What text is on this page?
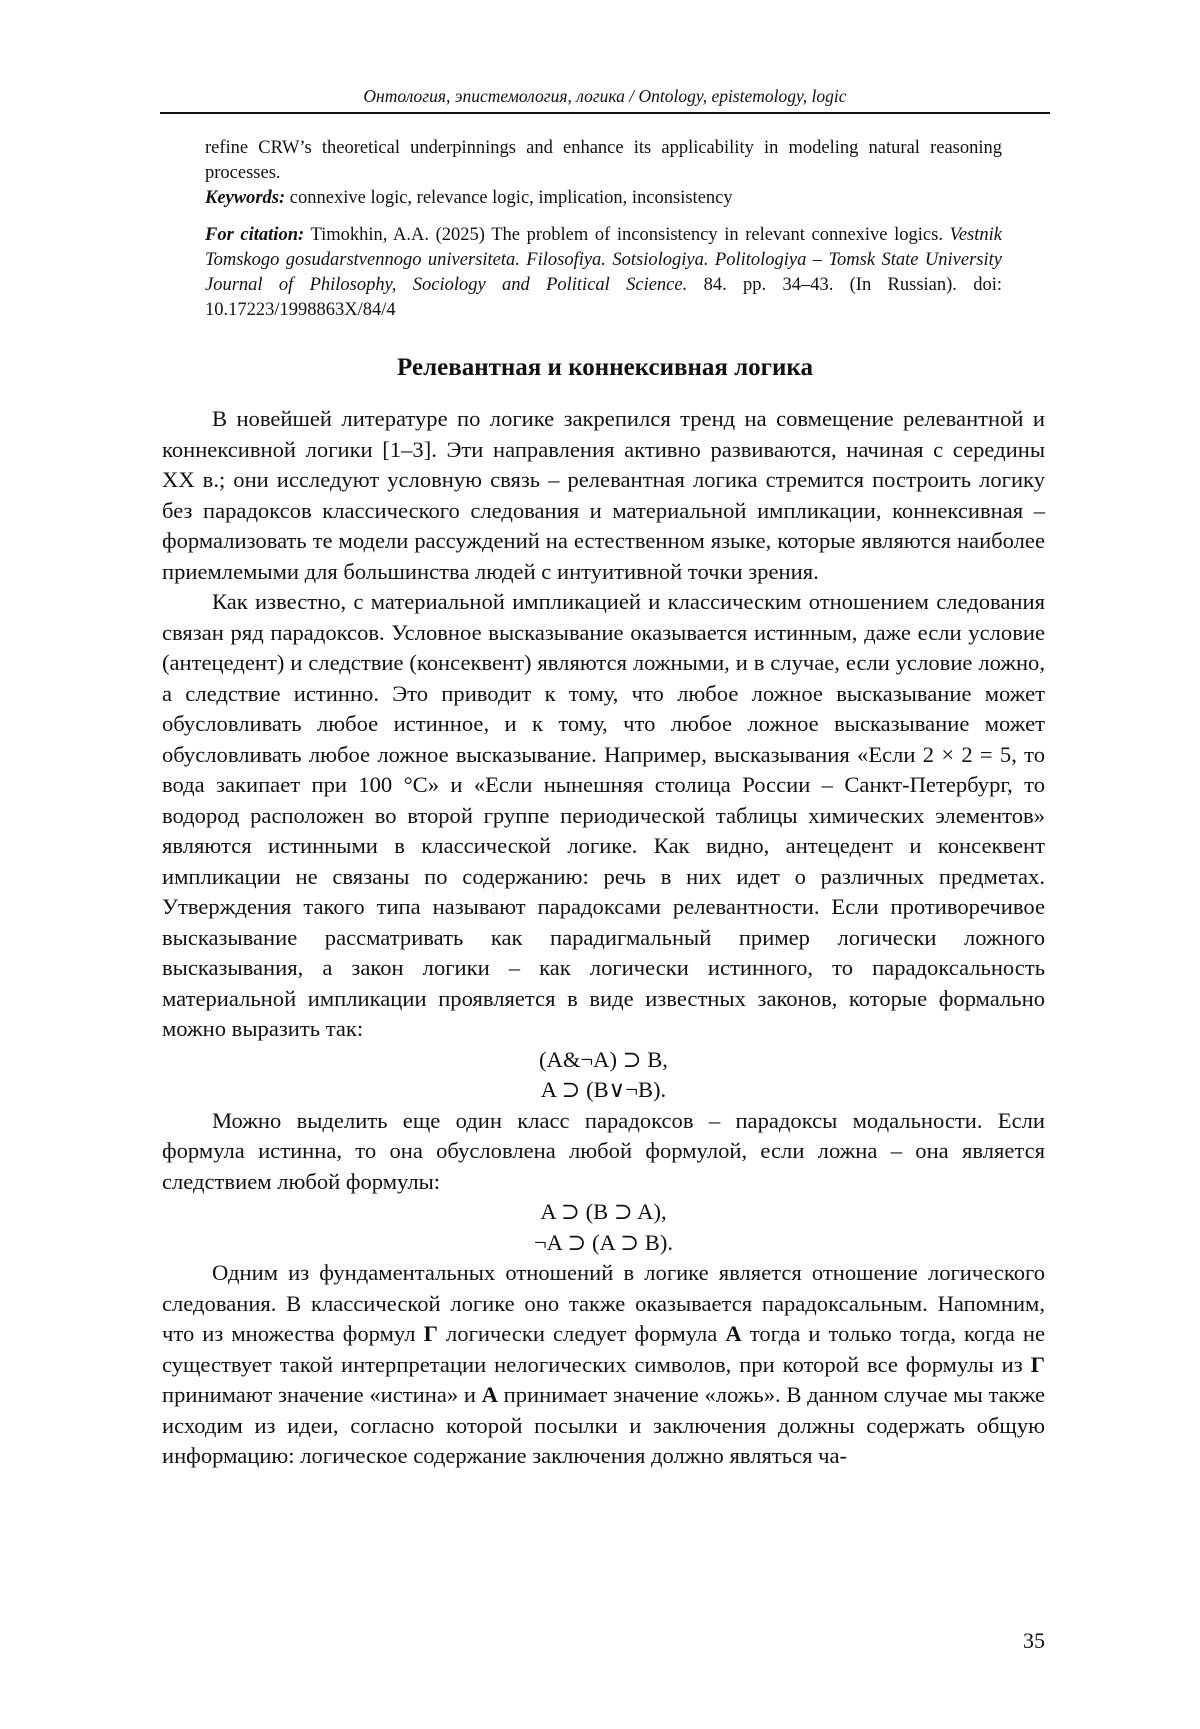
Онтология, эпистемология, логика / Ontology, epistemology, logic

refine CRW’s theoretical underpinnings and enhance its applicability in modeling natural reasoning processes.

Keywords: connexive logic, relevance logic, implication, inconsistency

For citation: Timokhin, A.A. (2025) The problem of inconsistency in relevant connexive logics. Vestnik Tomskogo gosudarstvennogo universiteta. Filosofiya. Sotsiologiya. Politologiya – Tomsk State University Journal of Philosophy, Sociology and Political Science. 84. pp. 34–43. (In Russian). doi: 10.17223/1998863X/84/4

Релевантная и коннексивная логика

В новейшей литературе по логике закрепился тренд на совмещение релевантной и коннексивной логики [1–3]. Эти направления активно развиваются, начиная с середины XX в.; они исследуют условную связь – релевантная логика стремится построить логику без парадоксов классического следования и материальной импликации, коннексивная – формализовать те модели рассуждений на естественном языке, которые являются наиболее приемлемыми для большинства людей с интуитивной точки зрения.

Как известно, с материальной импликацией и классическим отношением следования связан ряд парадоксов. Условное высказывание оказывается истинным, даже если условие (антецедент) и следствие (консеквент) являются ложными, и в случае, если условие ложно, а следствие истинно. Это приводит к тому, что любое ложное высказывание может обусловливать любое истинное, и к тому, что любое ложное высказывание может обусловливать любое ложное высказывание. Например, высказывания «Если 2 × 2 = 5, то вода закипает при 100 °C» и «Если нынешняя столица России – Санкт-Петербург, то водород расположен во второй группе периодической таблицы химических элементов» являются истинными в классической логике. Как видно, антецедент и консеквент импликации не связаны по содержанию: речь в них идет о различных предметах. Утверждения такого типа называют парадоксами релевантности. Если противоречивое высказывание рассматривать как парадигмальный пример логически ложного высказывания, а закон логики – как логически истинного, то парадоксальность материальной импликации проявляется в виде известных законов, которые формально можно выразить так:

(A&¬A) ⊃ B,
A ⊃ (B∨¬B).

Можно выделить еще один класс парадоксов – парадоксы модальности. Если формула истинна, то она обусловлена любой формулой, если ложна – она является следствием любой формулы:

A ⊃ (B ⊃ A),
¬A ⊃ (A ⊃ B).

Одним из фундаментальных отношений в логике является отношение логического следования. В классической логике оно также оказывается парадоксальным. Напомним, что из множества формул Г логически следует формула A тогда и только тогда, когда не существует такой интерпретации нелогических символов, при которой все формулы из Г принимают значение «истина» и A принимает значение «ложь». В данном случае мы также исходим из идеи, согласно которой посылки и заключения должны содержать общую информацию: логическое содержание заключения должно являться ча-

35
